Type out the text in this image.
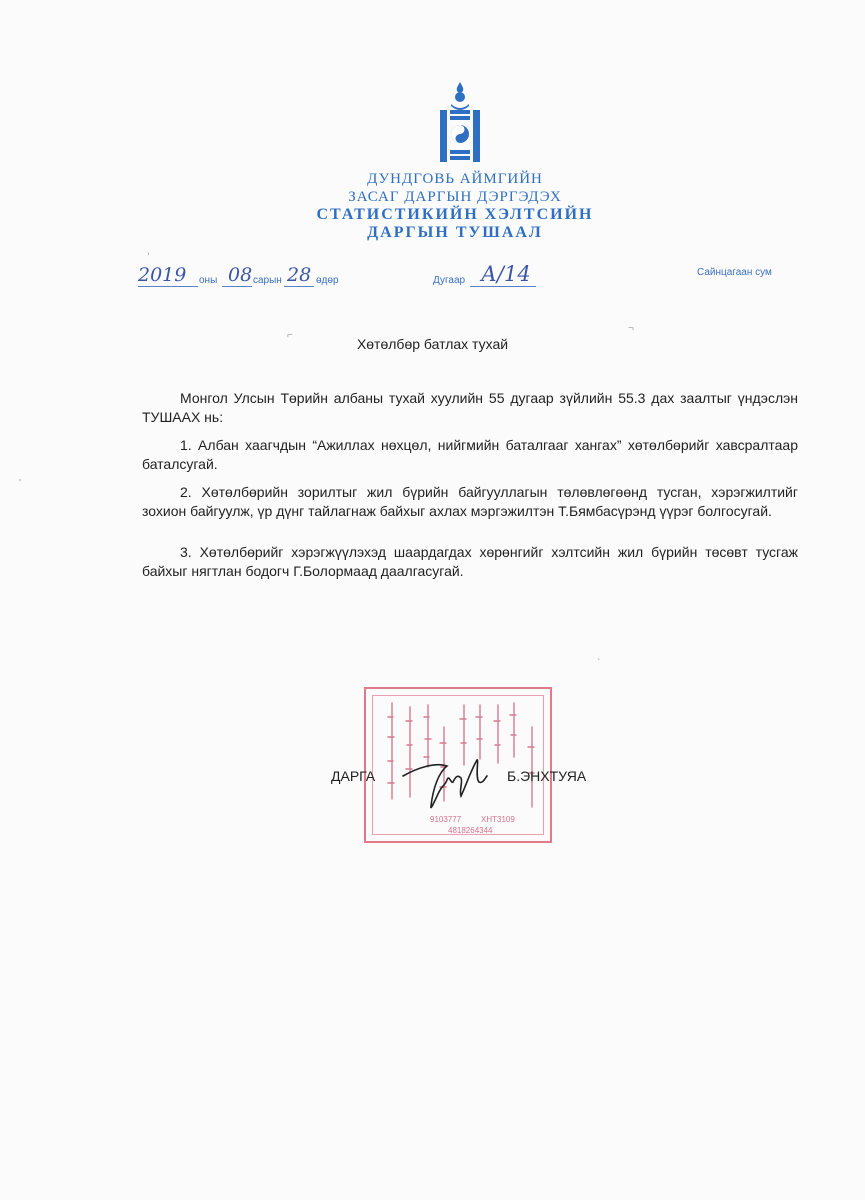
ДУНДГОВЬ АЙМГИЙН
ЗАСАГ ДАРГЫН ДЭРГЭДЭХ
СТАТИСТИКИЙН ХЭЛТСИЙН
ДАРГЫН ТУШААЛ
2019 оны 08 сарын 28 өдөр	Дугаар А/14	Сайнцагаан сум
⌐
⌐
Хөтөлбөр батлах тухай

Монгол Улсын Төрийн албаны тухай хуулийн 55 дугаар зүйлийн 55.3 дах заалтыг үндэслэн ТУШААХ нь:

1. Албан хаагчдын “Ажиллах нөхцөл, нийгмийн баталгааг хангах” хөтөлбөрийг хавсралтаар баталсугай.

2. Хөтөлбөрийн зорилтыг жил бүрийн байгууллагын төлөвлөгөөнд тусган, хэрэгжилтийг зохион байгуулж, үр дүнг тайлагнаж байхыг ахлах мэргэжилтэн Т.Бямбасүрэнд үүрэг болгосугай.

3. Хөтөлбөрийг хэрэгжүүлэхэд шаардагдах хөрөнгийг хэлтсийн жил бүрийн төсөвт тусгаж байхыг нягтлан бодогч Г.Болормаад даалгасугай.

9103777 ХНТ3109
4818264344
ДАРГА	Б.ЭНХТУЯА
`
,
'
